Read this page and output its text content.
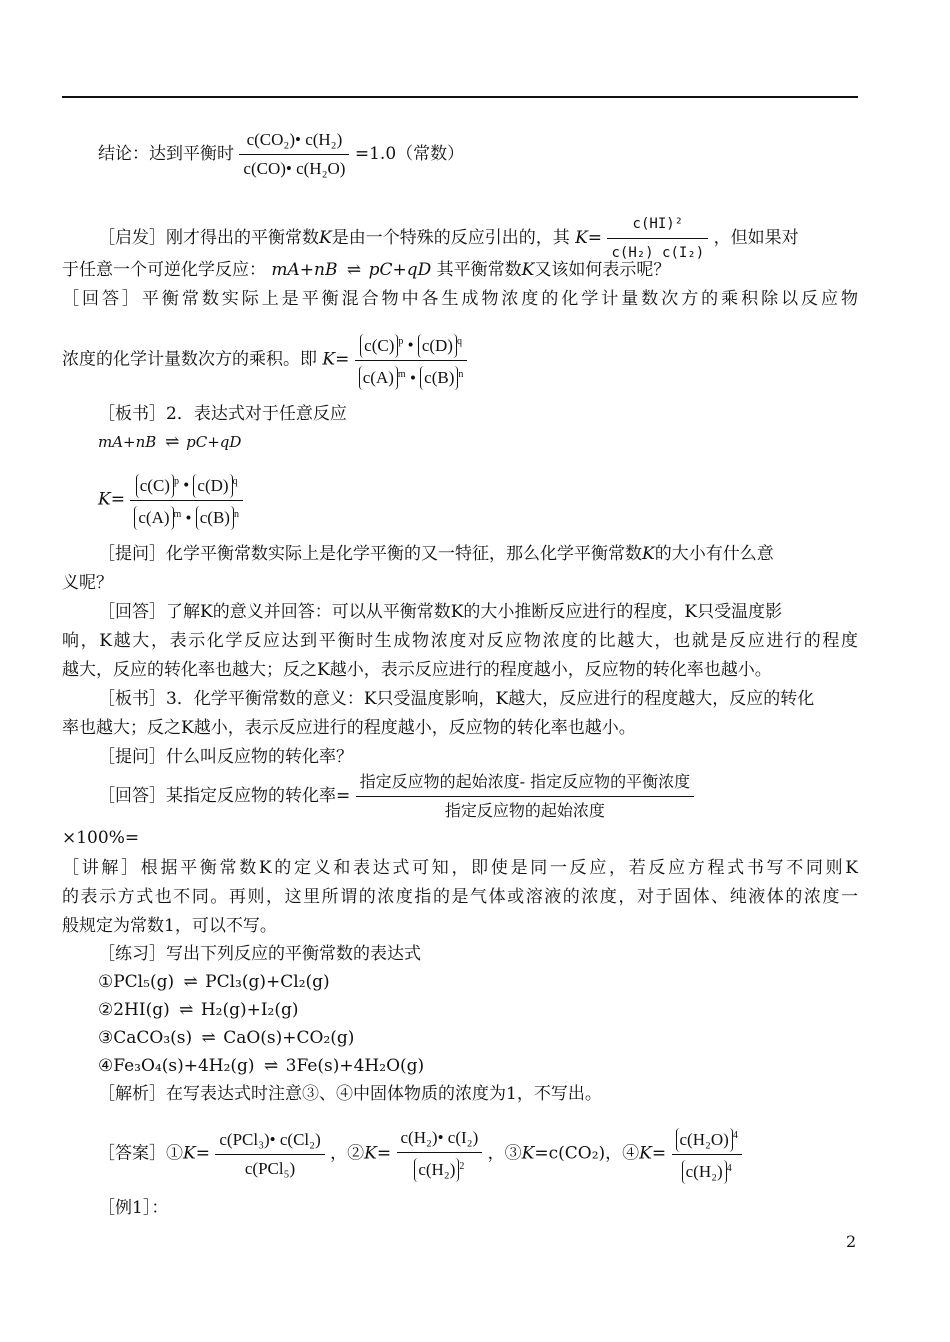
结论：达到平衡时 $\frac{\text{c(CO₂)• c(H₂)}}{\text{c(CO)• c(H₂O)}} =1.0$（常数）
［启发］刚才得出的平衡常数K是由一个特殊的反应引出的，其 $K= \frac{\text{c(HI)²}}{\text{c(H₂) c(I₂)}}$ ，但如果对
于任意一个可逆化学反应： mA+nB ⇌ pC+qD 其平衡常数K又该如何表示呢？
［回答］平衡常数实际上是平衡混合物中各生成物浓度的化学计量数次方的乘积除以反应物
浓度的化学计量数次方的乘积。即 $K= \frac{c(C) ^p • c(D) ^q}{c(A) ^m • c(B) ^n}$
［板书］2．表达式对于任意反应
mA+nB ⇌ pC+qD
$K= \frac{c(C) ^p • c(D) ^q}{c(A) ^m • c(B) ^n}$
［提问］化学平衡常数实际上是化学平衡的又一特征，那么化学平衡常数K的大小有什么意
义呢？
［回答］了解K的意义并回答：可以从平衡常数K的大小推断反应进行的程度，K只受温度影
响，K越大，表示化学反应达到平衡时生成物浓度对反应物浓度的比越大，也就是反应进行的程度
越大，反应的转化率也越大；反之K越小，表示反应进行的程度越小，反应物的转化率也越小。
［板书］3．化学平衡常数的意义：K只受温度影响，K越大，反应进行的程度越大，反应的转化
率也越大；反之K越小，表示反应进行的程度越小，反应物的转化率也越小。
［提问］什么叫反应物的转化率？
［回答］某指定反应物的转化率= $\frac{\text{指定反应物的起始浓度- 指定反应物的平衡浓度}}{\text{指定反应物的起始浓度}}$
×100%=
［讲解］根据平衡常数K的定义和表达式可知，即使是同一反应，若反应方程式书写不同则K
的表示方式也不同。再则，这里所谓的浓度指的是气体或溶液的浓度，对于固体、纯液体的浓度一
般规定为常数1，可以不写。
［练习］写出下列反应的平衡常数的表达式
①PCl₅(g) ⇌ PCl₃(g)+Cl₂(g)
②2HI(g) ⇌ H₂(g)+I₂(g)
③CaCO₃(s) ⇌ CaO(s)+CO₂(g)
④Fe₃O₄(s)+4H₂(g) ⇌ 3Fe(s)+4H₂O(g)
［解析］在写表达式时注意③、④中固体物质的浓度为1，不写出。
［答案］①K= $\frac{\text{c(PCl₃)• c(Cl₂)}}{\text{c(PCl₅)}}$ ，②K= $\frac{\text{c(H₂)• c(I₂)}}{c(H_2) ^2}$ ，③K=c(CO₂)，④K= $\frac{c(H_2O) ^4}{c(H_2) ^4}$
［例1］：
2
